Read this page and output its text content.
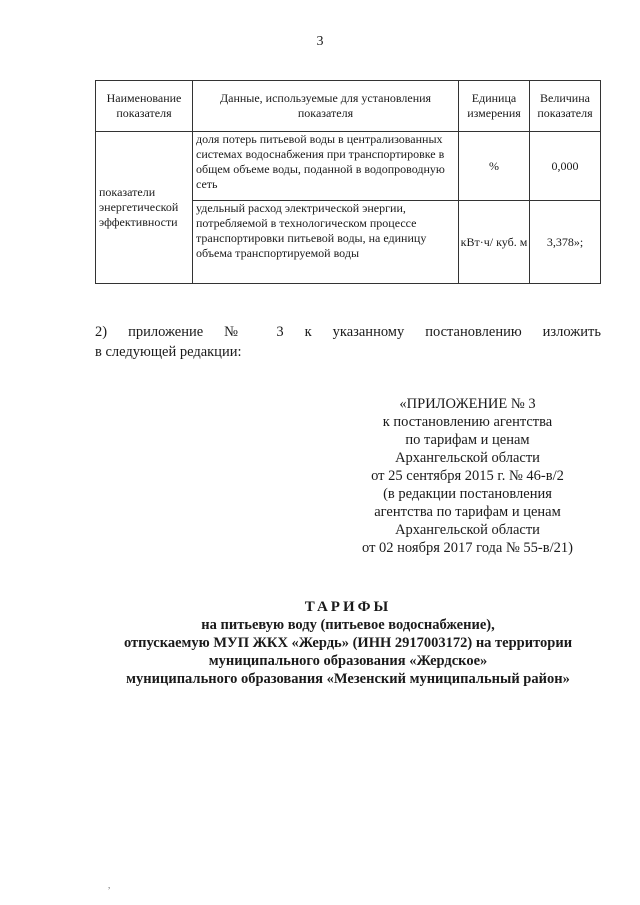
3
Наименование показателя	Данные, используемые для установления показателя	Единица измерения	Величина показателя
показатели энергетической эффективности	доля потерь питьевой воды в централизованных системах водоснабжения при транспортировке в общем объеме воды, поданной в водопроводную сеть	%	0,000
	удельный расход электрической энергии, потребляемой в технологическом процессе транспортировки питьевой воды, на единицу объема транспортируемой воды	кВт·ч/ куб. м	3,378»;
2) приложение № 3 к указанному постановлению изложить
в следующей редакции:
«ПРИЛОЖЕНИЕ № 3
к постановлению агентства
по тарифам и ценам
Архангельской области
от 25 сентября 2015 г. № 46-в/2
(в редакции постановления
агентства по тарифам и ценам
Архангельской области
от 02 ноября 2017 года № 55-в/21)
ТАРИФЫ
на питьевую воду (питьевое водоснабжение),
отпускаемую МУП ЖКХ «Жердь» (ИНН 2917003172) на территории
муниципального образования «Жердское»
муниципального образования «Мезенский муниципальный район»
,
